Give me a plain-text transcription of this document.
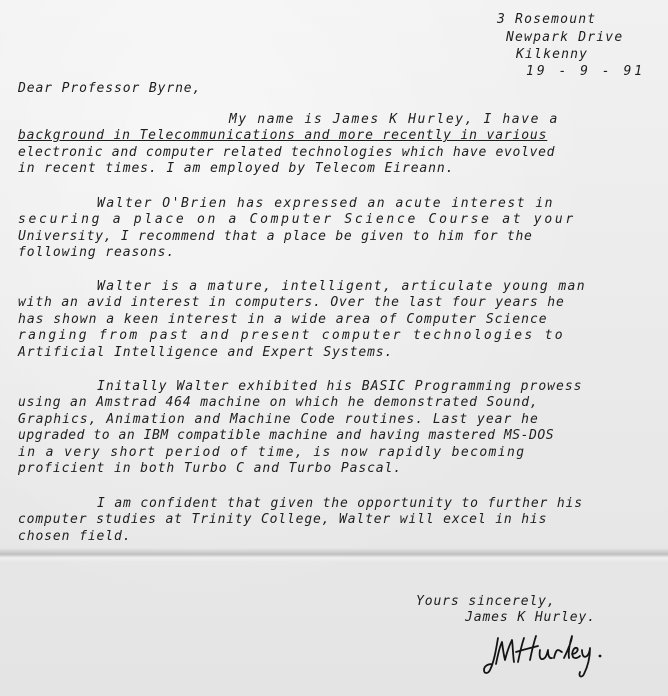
3 Rosemount
Newpark Drive
Kilkenny
19 - 9 - 91
Dear Professor Byrne,
My name is James K Hurley, I have a
background in Telecommunications and more recently in various
electronic and computer related technologies which have evolved
in recent times. I am employed by Telecom Eireann.
Walter O'Brien has expressed an acute interest in
securing a place on a Computer Science Course at your
University, I recommend that a place be given to him for the
following reasons.
Walter is a mature, intelligent, articulate young man
with an avid interest in computers. Over the last four years he
has shown a keen interest in a wide area of Computer Science
ranging from past and present computer technologies to
Artificial Intelligence and Expert Systems.
Initally Walter exhibited his BASIC Programming prowess
using an Amstrad 464 machine on which he demonstrated Sound,
Graphics, Animation and Machine Code routines. Last year he
upgraded to an IBM compatible machine and having mastered MS-DOS
in a very short period of time, is now rapidly becoming
proficient in both Turbo C and Turbo Pascal.
I am confident that given the opportunity to further his
computer studies at Trinity College, Walter will excel in his
chosen field.
Yours sincerely,
James K Hurley.
